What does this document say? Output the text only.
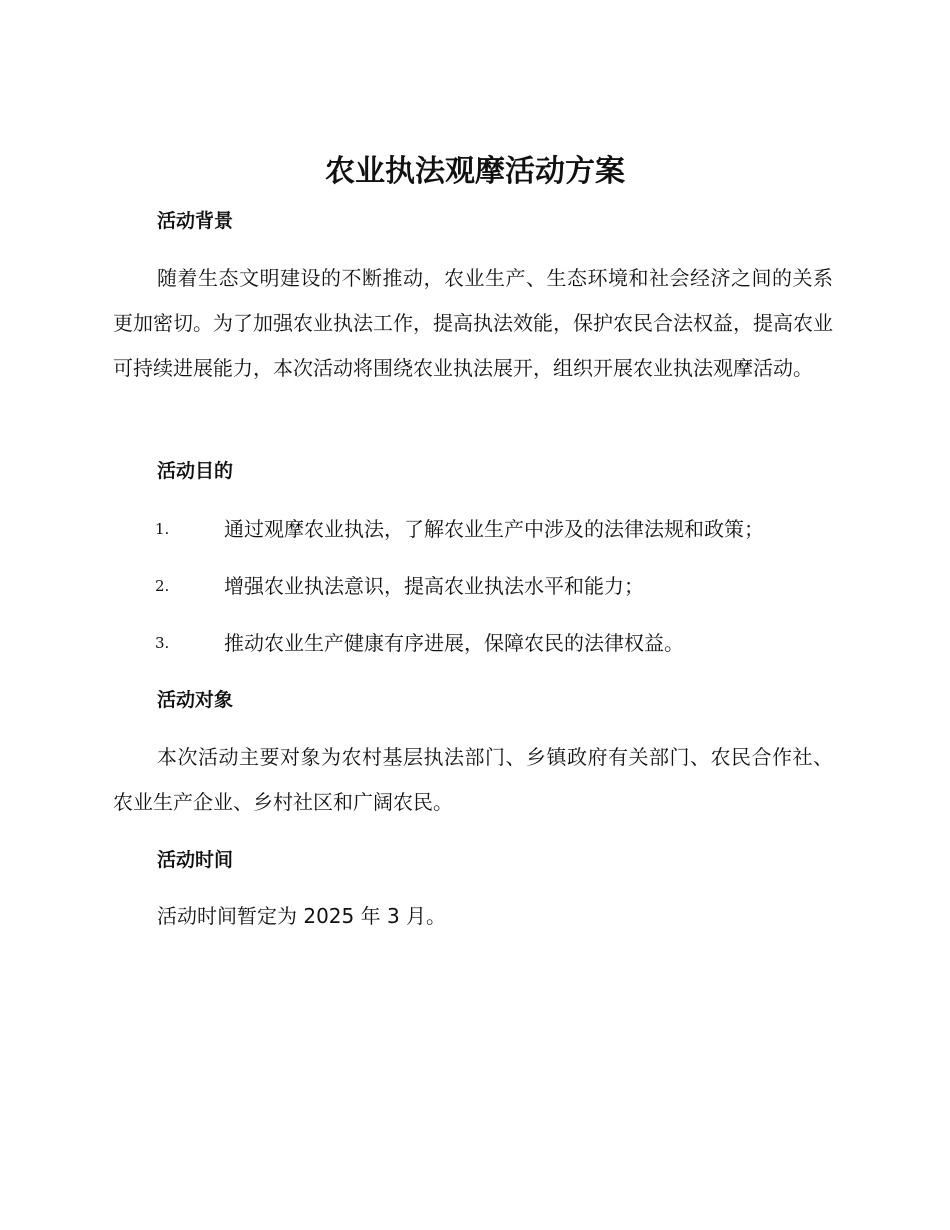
农业执法观摩活动方案
活动背景
随着生态文明建设的不断推动，农业生产、生态环境和社会经济之间的关系更加密切。为了加强农业执法工作，提高执法效能，保护农民合法权益，提高农业可持续进展能力，本次活动将围绕农业执法展开，组织开展农业执法观摩活动。
活动目的
1.	通过观摩农业执法，了解农业生产中涉及的法律法规和政策；
2.	增强农业执法意识，提高农业执法水平和能力；
3.	推动农业生产健康有序进展，保障农民的法律权益。
活动对象
本次活动主要对象为农村基层执法部门、乡镇政府有关部门、农民合作社、农业生产企业、乡村社区和广阔农民。
活动时间
活动时间暂定为 2025 年 3 月。
